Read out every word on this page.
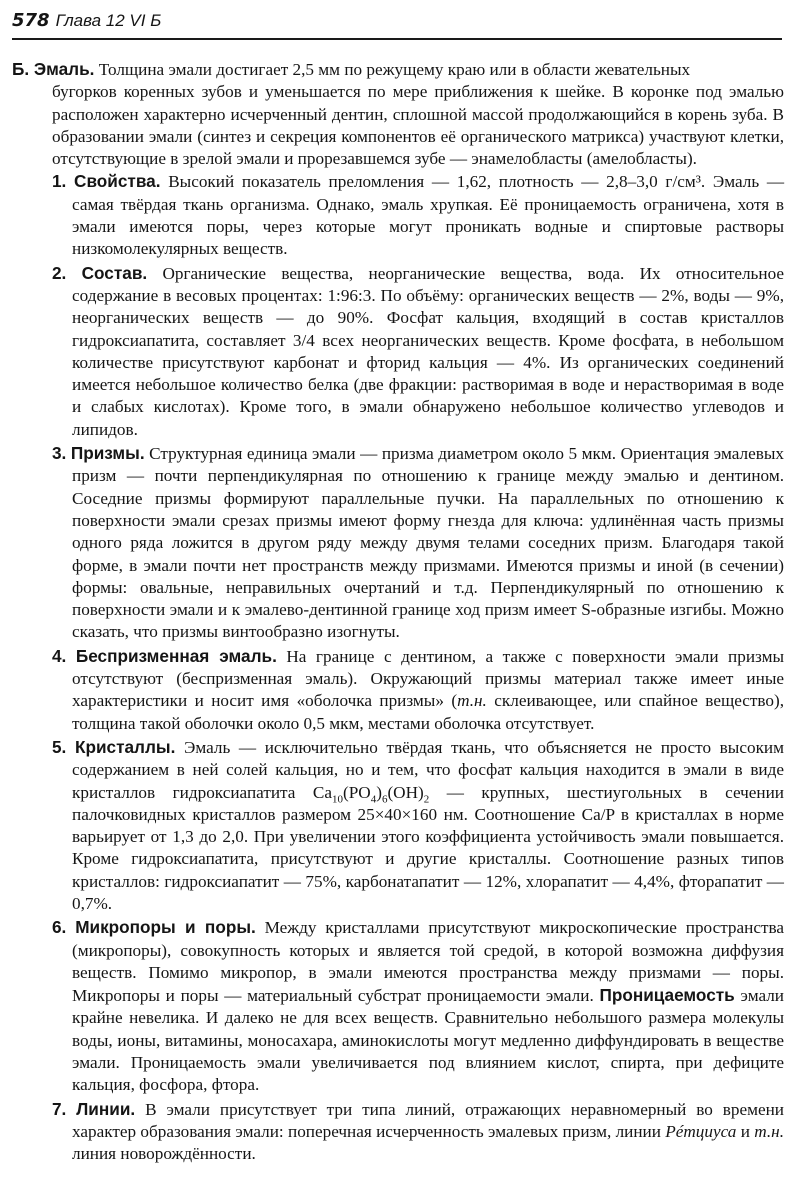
578 Глава 12 VI Б

Б. Эмаль. Толщина эмали достигает 2,5 мм по режущему краю или в области жевательных
бугорков коренных зубов и уменьшается по мере приближения к шейке. В коронке под эмалью расположен характерно исчерченный дентин, сплошной массой продолжающийся в корень зуба. В образовании эмали (синтез и секреция компонентов её органического матрикса) участвуют клетки, отсутствующие в зрелой эмали и прорезавшемся зубе — энамелобласты (амелобласты).

1. Свойства. Высокий показатель преломления — 1,62, плотность — 2,8–3,0 г/см³. Эмаль — самая твёрдая ткань организма. Однако, эмаль хрупкая. Её проницаемость ограничена, хотя в эмали имеются поры, через которые могут проникать водные и спиртовые растворы низкомолекулярных веществ.

2. Состав. Органические вещества, неорганические вещества, вода. Их относительное содержание в весовых процентах: 1:96:3. По объёму: органических веществ — 2%, воды — 9%, неорганических веществ — до 90%. Фосфат кальция, входящий в состав кристаллов гидроксиапатита, составляет 3/4 всех неорганических веществ. Кроме фосфата, в небольшом количестве присутствуют карбонат и фторид кальция — 4%. Из органических соединений имеется небольшое количество белка (две фракции: растворимая в воде и нерастворимая в воде и слабых кислотах). Кроме того, в эмали обнаружено небольшое количество углеводов и липидов.

3. Призмы. Структурная единица эмали — призма диаметром около 5 мкм. Ориентация эмалевых призм — почти перпендикулярная по отношению к границе между эмалью и дентином. Соседние призмы формируют параллельные пучки. На параллельных по отношению к поверхности эмали срезах призмы имеют форму гнезда для ключа: удлинённая часть призмы одного ряда ложится в другом ряду между двумя телами соседних призм. Благодаря такой форме, в эмали почти нет пространств между призмами. Имеются призмы и иной (в сечении) формы: овальные, неправильных очертаний и т.д. Перпендикулярный по отношению к поверхности эмали и к эмалево-дентинной границе ход призм имеет S-образные изгибы. Можно сказать, что призмы винтообразно изогнуты.

4. Беспризменная эмаль. На границе с дентином, а также с поверхности эмали призмы отсутствуют (беспризменная эмаль). Окружающий призмы материал также имеет иные характеристики и носит имя «оболочка призмы» (т.н. склеивающее, или спайное вещество), толщина такой оболочки около 0,5 мкм, местами оболочка отсутствует.

5. Кристаллы. Эмаль — исключительно твёрдая ткань, что объясняется не просто высоким содержанием в ней солей кальция, но и тем, что фосфат кальция находится в эмали в виде кристаллов гидроксиапатита $Ca_{10}(PO_4)_6(OH)_2$ — крупных, шестиугольных в сечении палочковидных кристаллов размером 25×40×160 нм. Соотношение Ca/P в кристаллах в норме варьирует от 1,3 до 2,0. При увеличении этого коэффициента устойчивость эмали повышается. Кроме гидроксиапатита, присутствуют и другие кристаллы. Соотношение разных типов кристаллов: гидроксиапатит — 75%, карбонатапатит — 12%, хлорапатит — 4,4%, фторапатит — 0,7%.

6. Микропоры и поры. Между кристаллами присутствуют микроскопические пространства (микропоры), совокупность которых и является той средой, в которой возможна диффузия веществ. Помимо микропор, в эмали имеются пространства между призмами — поры. Микропоры и поры — материальный субстрат проницаемости эмали. Проницаемость эмали крайне невелика. И далеко не для всех веществ. Сравнительно небольшого размера молекулы воды, ионы, витамины, моносахара, аминокислоты могут медленно диффундировать в веществе эмали. Проницаемость эмали увеличивается под влиянием кислот, спирта, при дефиците кальция, фосфора, фтора.

7. Линии. В эмали присутствует три типа линий, отражающих неравномерный во времени характер образования эмали: поперечная исчерченность эмалевых призм, линии Рéтциуса и т.н. линия новорождённости.
